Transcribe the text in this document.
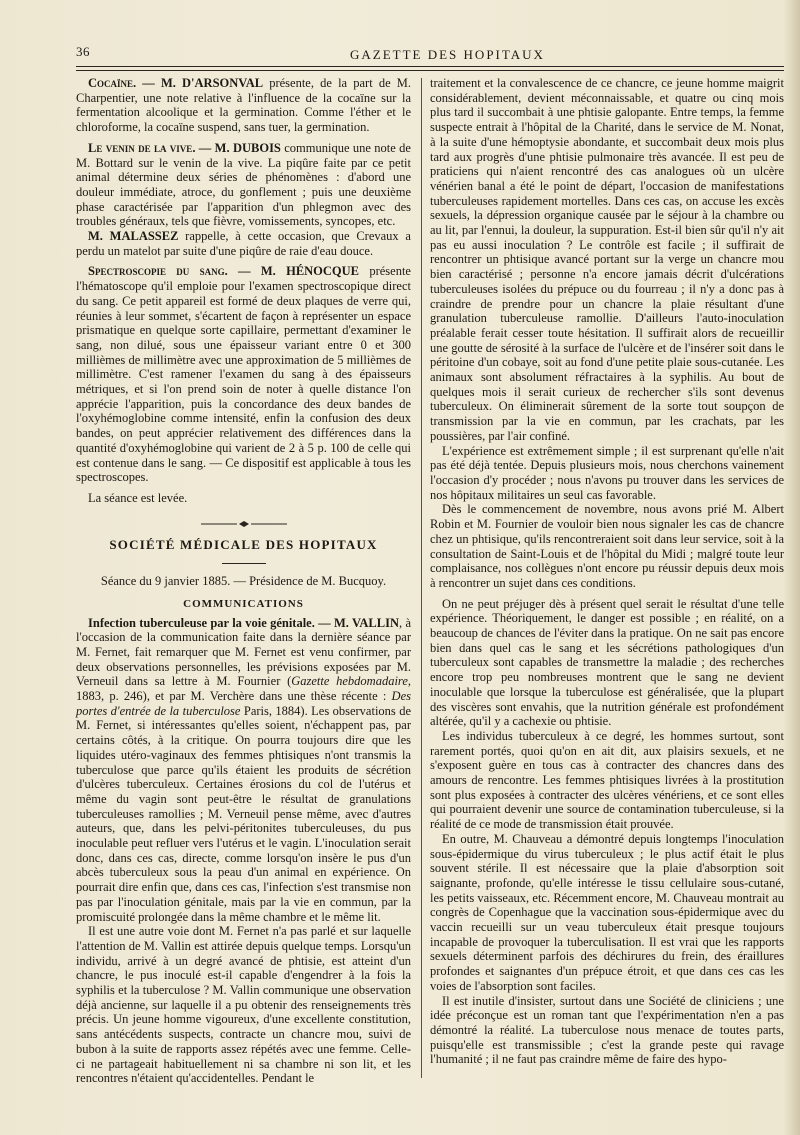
36	GAZETTE DES HOPITAUX

Cocaïne. — M. D'ARSONVAL présente, de la part de M. Charpentier, une note relative à l'influence de la cocaïne sur la fermentation alcoolique et la germination. Comme l'éther et le chloroforme, la cocaïne suspend, sans tuer, la germination.

Le venin de la vive. — M. DUBOIS communique une note de M. Bottard sur le venin de la vive. La piqûre faite par ce petit animal détermine deux séries de phénomènes : d'abord une douleur immédiate, atroce, du gonflement ; puis une deuxième phase caractérisée par l'apparition d'un phlegmon avec des troubles généraux, tels que fièvre, vomissements, syncopes, etc.

M. MALASSEZ rappelle, à cette occasion, que Crevaux a perdu un matelot par suite d'une piqûre de raie d'eau douce.

Spectroscopie du sang. — M. HÉNOCQUE présente l'hématoscope qu'il emploie pour l'examen spectroscopique direct du sang. Ce petit appareil est formé de deux plaques de verre qui, réunies à leur sommet, s'écartent de façon à représenter un espace prismatique en quelque sorte capillaire, permettant d'examiner le sang, non dilué, sous une épaisseur variant entre 0 et 300 millièmes de millimètre avec une approximation de 5 millièmes de millimètre. C'est ramener l'examen du sang à des épaisseurs métriques, et si l'on prend soin de noter à quelle distance l'on apprécie l'apparition, puis la concordance des deux bandes de l'oxyhémoglobine comme intensité, enfin la confusion des deux bandes, on peut apprécier relativement des différences dans la quantité d'oxyhémoglobine qui varient de 2 à 5 p. 100 de celle qui est contenue dans le sang. — Ce dispositif est applicable à tous les spectroscopes.

La séance est levée.

SOCIÉTÉ MÉDICALE DES HOPITAUX
Séance du 9 janvier 1885. — Présidence de M. Bucquoy.
COMMUNICATIONS

Infection tuberculeuse par la voie génitale. — M. VALLIN, à l'occasion de la communication faite dans la dernière séance par M. Fernet, fait remarquer que M. Fernet est venu confirmer, par deux observations personnelles, les prévisions exposées par M. Verneuil dans sa lettre à M. Fournier (Gazette hebdomadaire, 1883, p. 246), et par M. Verchère dans une thèse récente : Des portes d'entrée de la tuberculose Paris, 1884). Les observations de M. Fernet, si intéressantes qu'elles soient, n'échappent pas, par certains côtés, à la critique. On pourra toujours dire que les liquides utéro-vaginaux des femmes phtisiques n'ont transmis la tuberculose que parce qu'ils étaient les produits de sécrétion d'ulcères tuberculeux. Certaines érosions du col de l'utérus et même du vagin sont peut-être le résultat de granulations tuberculeuses ramollies ; M. Verneuil pense même, avec d'autres auteurs, que, dans les pelvi-péritonites tuberculeuses, du pus inoculable peut refluer vers l'utérus et le vagin. L'inoculation serait donc, dans ces cas, directe, comme lorsqu'on insère le pus d'un abcès tuberculeux sous la peau d'un animal en expérience. On pourrait dire enfin que, dans ces cas, l'infection s'est transmise non pas par l'inoculation génitale, mais par la vie en commun, par la promiscuité prolongée dans la même chambre et le même lit.

Il est une autre voie dont M. Fernet n'a pas parlé et sur laquelle l'attention de M. Vallin est attirée depuis quelque temps. Lorsqu'un individu, arrivé à un degré avancé de phtisie, est atteint d'un chancre, le pus inoculé est-il capable d'engendrer à la fois la syphilis et la tuberculose ? M. Vallin communique une observation déjà ancienne, sur laquelle il a pu obtenir des renseignements très précis. Un jeune homme vigoureux, d'une excellente constitution, sans antécédents suspects, contracte un chancre mou, suivi de bubon à la suite de rapports assez répétés avec une femme. Celle-ci ne partageait habituellement ni sa chambre ni son lit, et les rencontres n'étaient qu'accidentelles. Pendant le

traitement et la convalescence de ce chancre, ce jeune homme maigrit considérablement, devient méconnaissable, et quatre ou cinq mois plus tard il succombait à une phtisie galopante. Entre temps, la femme suspecte entrait à l'hôpital de la Charité, dans le service de M. Nonat, à la suite d'une hémoptysie abondante, et succombait deux mois plus tard aux progrès d'une phtisie pulmonaire très avancée. Il est peu de praticiens qui n'aient rencontré des cas analogues où un ulcère vénérien banal a été le point de départ, l'occasion de manifestations tuberculeuses rapidement mortelles. Dans ces cas, on accuse les excès sexuels, la dépression organique causée par le séjour à la chambre ou au lit, par l'ennui, la douleur, la suppuration. Est-il bien sûr qu'il n'y ait pas eu aussi inoculation ? Le contrôle est facile ; il suffirait de rencontrer un phtisique avancé portant sur la verge un chancre mou bien caractérisé ; personne n'a encore jamais décrit d'ulcérations tuberculeuses isolées du prépuce ou du fourreau ; il n'y a donc pas à craindre de prendre pour un chancre la plaie résultant d'une granulation tuberculeuse ramollie. D'ailleurs l'auto-inoculation préalable ferait cesser toute hésitation. Il suffirait alors de recueillir une goutte de sérosité à la surface de l'ulcère et de l'insérer soit dans le péritoine d'un cobaye, soit au fond d'une petite plaie sous-cutanée. Les animaux sont absolument réfractaires à la syphilis. Au bout de quelques mois il serait curieux de rechercher s'ils sont devenus tuberculeux. On éliminerait sûrement de la sorte tout soupçon de transmission par la vie en commun, par les crachats, par les poussières, par l'air confiné.

L'expérience est extrêmement simple ; il est surprenant qu'elle n'ait pas été déjà tentée. Depuis plusieurs mois, nous cherchons vainement l'occasion d'y procéder ; nous n'avons pu trouver dans les services de nos hôpitaux militaires un seul cas favorable.

Dès le commencement de novembre, nous avons prié M. Albert Robin et M. Fournier de vouloir bien nous signaler les cas de chancre chez un phtisique, qu'ils rencontreraient soit dans leur service, soit à la consultation de Saint-Louis et de l'hôpital du Midi ; malgré toute leur complaisance, nos collègues n'ont encore pu réussir depuis deux mois à rencontrer un sujet dans ces conditions.

On ne peut préjuger dès à présent quel serait le résultat d'une telle expérience. Théoriquement, le danger est possible ; en réalité, on a beaucoup de chances de l'éviter dans la pratique. On ne sait pas encore bien dans quel cas le sang et les sécrétions pathologiques d'un tuberculeux sont capables de transmettre la maladie ; des recherches encore trop peu nombreuses montrent que le sang ne devient inoculable que lorsque la tuberculose est généralisée, que la plupart des viscères sont envahis, que la nutrition générale est profondément altérée, qu'il y a cachexie ou phtisie.

Les individus tuberculeux à ce degré, les hommes surtout, sont rarement portés, quoi qu'on en ait dit, aux plaisirs sexuels, et ne s'exposent guère en tous cas à contracter des chancres dans des amours de rencontre. Les femmes phtisiques livrées à la prostitution sont plus exposées à contracter des ulcères vénériens, et ce sont elles qui pourraient devenir une source de contamination tuberculeuse, si la réalité de ce mode de transmission était prouvée.

En outre, M. Chauveau a démontré depuis longtemps l'inoculation sous-épidermique du virus tuberculeux ; le plus actif était le plus souvent stérile. Il est nécessaire que la plaie d'absorption soit saignante, profonde, qu'elle intéresse le tissu cellulaire sous-cutané, les petits vaisseaux, etc. Récemment encore, M. Chauveau montrait au congrès de Copenhague que la vaccination sous-épidermique avec du vaccin recueilli sur un veau tuberculeux était presque toujours incapable de provoquer la tuberculisation. Il est vrai que les rapports sexuels déterminent parfois des déchirures du frein, des éraillures profondes et saignantes d'un prépuce étroit, et que dans ces cas les voies de l'absorption sont faciles.

Il est inutile d'insister, surtout dans une Société de cliniciens ; une idée préconçue est un roman tant que l'expérimentation n'en a pas démontré la réalité. La tuberculose nous menace de toutes parts, puisqu'elle est transmissible ; c'est la grande peste qui ravage l'humanité ; il ne faut pas craindre même de faire des hypo-
